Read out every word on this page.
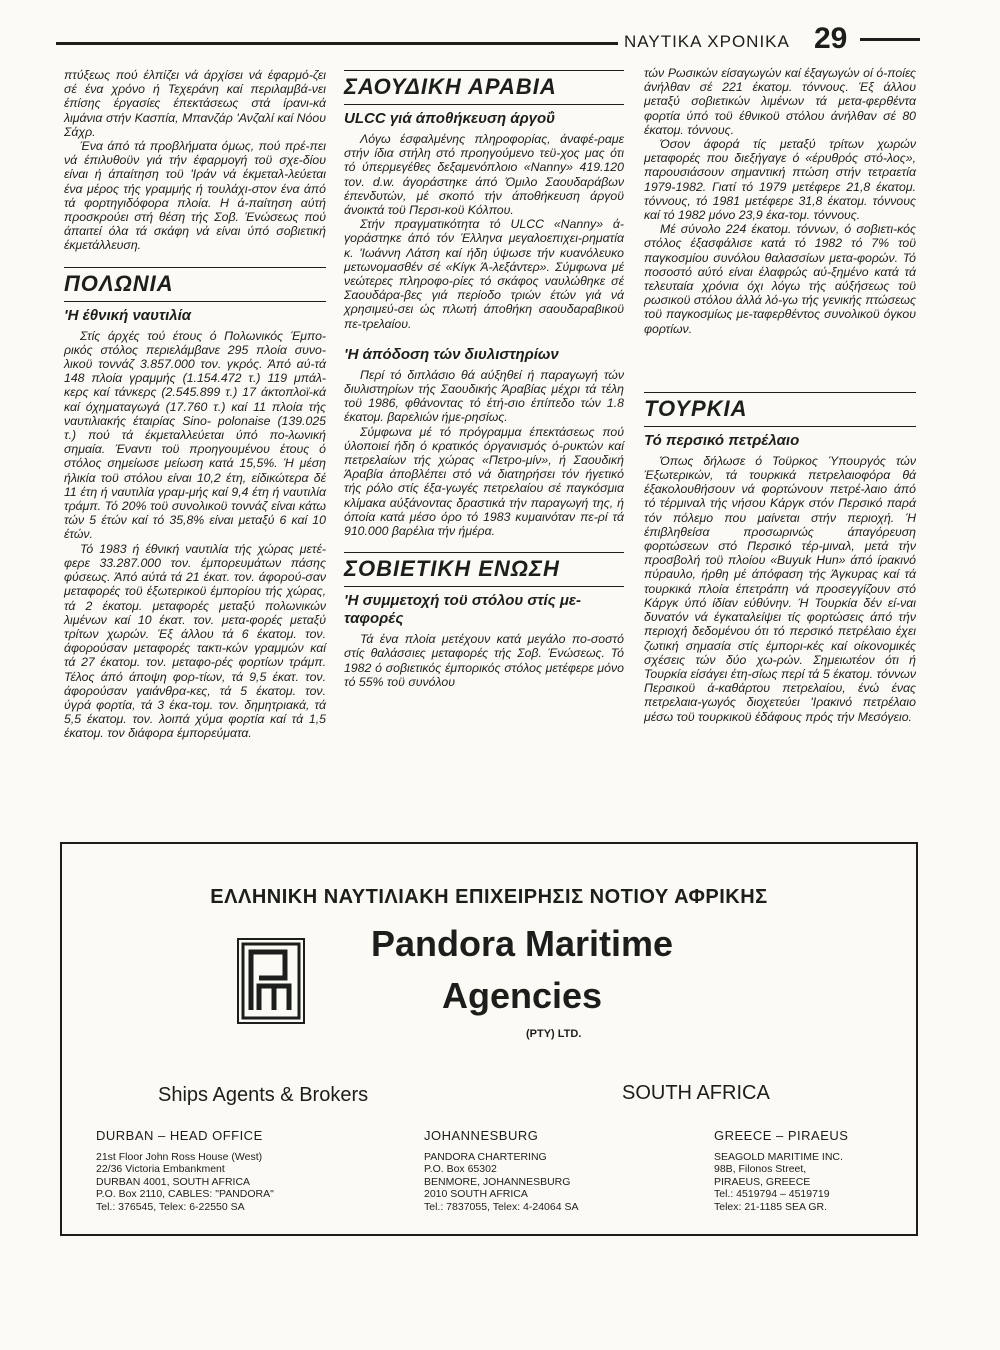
ΝΑΥΤΙΚΑ ΧΡΟΝΙΚΑ 29

πτύξεως πού έλπίζει νά άρχίσει νά έφαρμό-ζει σέ ένα χρόνο ή Τεχεράνη καί περιλαμβά-νει έπίσης έργασίες έπεκτάσεως στά ίρανι-κά λιμάνια στήν Κασπία, Μπανζάρ 'Ανζαλί καί Νόου Σάχρ.

Ένα άπό τά προβλήματα όμως, πού πρέ-πει νά έπιλυθοϋν γιά τήν έφαρμογή τοϋ σχε-δίου είναι ή άπαίτηση τοϋ 'Ιράν νά έκμεταλ-λεύεται ένα μέρος τής γραμμής ή τουλάχι-στον ένα άπό τά φορτηγιδόφορα πλοία. Η ά-παίτηση αύτή προσκρούει στή θέση τής Σοβ. Ένώσεως πού άπαιτεί όλα τά σκάφη νά είναι ύπό σοβιετική έκμετάλλευση.

ΠΟΛΩΝΙΑ
'Η έθνική ναυτιλία

Στίς άρχές τού έτους ό Πολωνικός Έμπο-ρικός στόλος περιελάμβανε 295 πλοία συνο-λικοϋ τοννάζ 3.857.000 τον. γκρός. Άπό αύ-τά 148 πλοία γραμμής (1.154.472 τ.) 119 μπάλ-κερς καί τάνκερς (2.545.899 τ.) 17 άκτοπλοϊ-κά καί όχηματαγωγά (17.760 τ.) καί 11 πλοία τής ναυτιλιακής έταιρίας Sino- polonaise (139.025 τ.) πού τά έκμεταλλεύεται ύπό πο-λωνική σημαία. Έναντι τοϋ προηγουμένου έτους ό στόλος σημείωσε μείωση κατά 15,5%. Ή μέση ήλικία τοϋ στόλου είναι 10,2 έτη, είδικώτερα δέ 11 έτη ή ναυτιλία γραμ-μής καί 9,4 έτη ή ναυτιλία τράμπ. Τό 20% τοϋ συνολικοϋ τοννάζ είναι κάτω τών 5 έτών καί τό 35,8% είναι μεταξύ 6 καί 10 έτών.

Τό 1983 ή έθνική ναυτιλία τής χώρας μετέ-φερε 33.287.000 τον. έμπορευμάτων πάσης φύσεως. Άπό αύτά τά 21 έκατ. τον. άφορού-σαν μεταφορές τοϋ έξωτερικοϋ έμπορίου τής χώρας, τά 2 έκατομ. μεταφορές μεταξύ πολωνικών λιμένων καί 10 έκατ. τον. μετα-φορές μεταξύ τρίτων χωρών. Έξ άλλου τά 6 έκατομ. τον. άφορούσαν μεταφορές τακτι-κών γραμμών καί τά 27 έκατομ. τον. μεταφο-ρές φορτίων τράμπ. Τέλος άπό άποψη φορ-τίων, τά 9,5 έκατ. τον. άφορούσαν γαιάνθρα-κες, τά 5 έκατομ. τον. ύγρά φορτία, τά 3 έκα-τομ. τον. δημητριακά, τά 5,5 έκατομ. τον. λοιπά χύμα φορτία καί τά 1,5 έκατομ. τον διάφορα έμπορεύματα.

ΣΑΟΥΔΙΚΗ ΑΡΑΒΙΑ
ULCC γιά άποθήκευση άργοΰ

Λόγω έσφαλμένης πληροφορίας, άναφέ-ραμε στήν ίδια στήλη στό προηγούμενο τεϋ-χος μας ότι τό ύπερμεγέθες δεξαμενόπλοιο «Nanny» 419.120 τον. d.w. άγοράστηκε άπό Όμιλο Σαουδαράβων έπενδυτών, μέ σκοπό τήν άποθήκευση άργοϋ άνοικτά τοϋ Περσι-κοϋ Κόλπου.

Στήν πραγματικότητα τό ULCC «Nanny» ά-γοράστηκε άπό τόν Έλληνα μεγαλοεπιχει-ρηματία κ. 'Ιωάννη Λάτση καί ήδη ύψωσε τήν κυανόλευκο μετωνομασθέν σέ «Κίγκ Ά-λεξάντερ». Σύμφωνα μέ νεώτερες πληροφο-ρίες τό σκάφος ναυλώθηκε σέ Σαουδάρα-βες γιά περίοδο τριών έτών γιά νά χρησιμεύ-σει ώς πλωτή άποθήκη σαουδαραβικοϋ πε-τρελαίου.

'Η άπόδοση τών διυλιστηρίων

Περί τό διπλάσιο θά αύξηθεί ή παραγωγή τών διυλιστηρίων τής Σαουδικής Άραβίας μέχρι τά τέλη τοϋ 1986, φθάνοντας τό έτή-σιο έπίπεδο τών 1.8 έκατομ. βαρελιών ήμε-ρησίως.

Σύμφωνα μέ τό πρόγραμμα έπεκτάσεως πού ύλοποιεί ήδη ό κρατικός όργανισμός ό-ρυκτών καί πετρελαίων τής χώρας «Πετρο-μίν», ή Σαουδική Άραβία άποβλέπει στό νά διατηρήσει τόν ήγετικό τής ρόλο στίς έξα-γωγές πετρελαίου σέ παγκόσμια κλίμακα αύξάνοντας δραστικά τήν παραγωγή της, ή όποία κατά μέσο όρο τό 1983 κυμαινόταν πε-ρί τά 910.000 βαρέλια τήν ήμέρα.

ΣΟΒΙΕΤΙΚΗ ΕΝΩΣΗ
'Η συμμετοχή τοϋ στόλου στίς με-ταφορές

Τά ένα πλοία μετέχουν κατά μεγάλο πο-σοστό στίς θαλάσσιες μεταφορές τής Σοβ. Ένώσεως. Τό 1982 ό σοβιετικός έμπορικός στόλος μετέφερε μόνο τό 55% τοϋ συνόλου

τών Ρωσικών είσαγωγών καί έξαγωγών οί ό-ποίες άνήλθαν σέ 221 έκατομ. τόννους. Έξ άλλου μεταξύ σοβιετικών λιμένων τά μετα-φερθέντα φορτία ύπό τοϋ έθνικοϋ στόλου άνήλθαν σέ 80 έκατομ. τόννους.

Όσον άφορά τίς μεταξύ τρίτων χωρών μεταφορές που διεξήγαγε ό «έρυθρός στό-λος», παρουσιάσουν σημαντική πτώση στήν τετραετία 1979-1982. Γιατί τό 1979 μετέφερε 21,8 έκατομ. τόννους, τό 1981 μετέφερε 31,8 έκατομ. τόννους καί τό 1982 μόνο 23,9 έκα-τομ. τόννους.

Μέ σύνολο 224 έκατομ. τόννων, ό σοβιετι-κός στόλος έξασφάλισε κατά τό 1982 τό 7% τοϋ παγκοσμίου συνόλου θαλασσίων μετα-φορών. Τό ποσοστό αύτό είναι έλαφρώς αύ-ξημένο κατά τά τελευταία χρόνια όχι λόγω τής αύξήσεως τοϋ ρωσικοϋ στόλου άλλά λό-γω τής γενικής πτώσεως τοϋ παγκοσμίως με-ταφερθέντος συνολικοϋ όγκου φορτίων.

ΤΟΥΡΚΙΑ
Τό περσικό πετρέλαιο

Όπως δήλωσε ό Τοϋρκος Ύπουργός τών Έξωτερικών, τά τουρκικά πετρελαιοφόρα θά έξακολουθήσουν νά φορτώνουν πετρέ-λαιο άπό τό τέρμιναλ τής νήσου Κάργκ στόν Περσικό παρά τόν πόλεμο που μαίνεται στήν περιοχή. Ή έπιβληθείσα προσωρινώς άπαγόρευση φορτώσεων στό Περσικό τέρ-μιναλ, μετά τήν προσβολή τοϋ πλοίου «Buyuk Hun» άπό ίρακινό πύραυλο, ήρθη μέ άπόφαση τής Άγκυρας καί τά τουρκικά πλοία έπετράπη νά προσεγγίζουν στό Κάργκ ύπό ίδίαν εύθύνην. Ή Τουρκία δέν εί-ναι δυνατόν νά έγκαταλείψει τίς φορτώσεις άπό τήν περιοχή δεδομένου ότι τό περσικό πετρέλαιο έχει ζωτική σημασία στίς έμπορι-κές καί οίκονομικές σχέσεις τών δύο χω-ρών. Σημειωτέον ότι ή Τουρκία είσάγει έτη-σίως περί τά 5 έκατομ. τόννων Περσικοϋ ά-καθάρτου πετρελαίου, ένώ ένας πετρελαια-γωγός διοχετεύει 'Ιρακινό πετρέλαιο μέσω τοϋ τουρκικοϋ έδάφους πρός τήν Μεσόγειο.

ΕΛΛΗΝΙΚΗ ΝΑΥΤΙΛΙΑΚΗ ΕΠΙΧΕΙΡΗΣΙΣ ΝΟΤΙΟΥ ΑΦΡΙΚΗΣ
Pandora Maritime
Agencies
(PTY) LTD.
Ships Agents & Brokers	SOUTH AFRICA
DURBAN – HEAD OFFICE
21st Floor John Ross House (West)
22/36 Victoria Embankment
DURBAN 4001, SOUTH AFRICA
P.O. Box 2110, CABLES: "PANDORA"
Tel.: 376545, Telex: 6-22550 SA
JOHANNESBURG
PANDORA CHARTERING
P.O. Box 65302
BENMORE, JOHANNESBURG
2010 SOUTH AFRICA
Tel.: 7837055, Telex: 4-24064 SA
GREECE – PIRAEUS
SEAGOLD MARITIME INC.
98B, Filonos Street,
PIRAEUS, GREECE
Tel.: 4519794 – 4519719
Telex: 21-1185 SEA GR.
